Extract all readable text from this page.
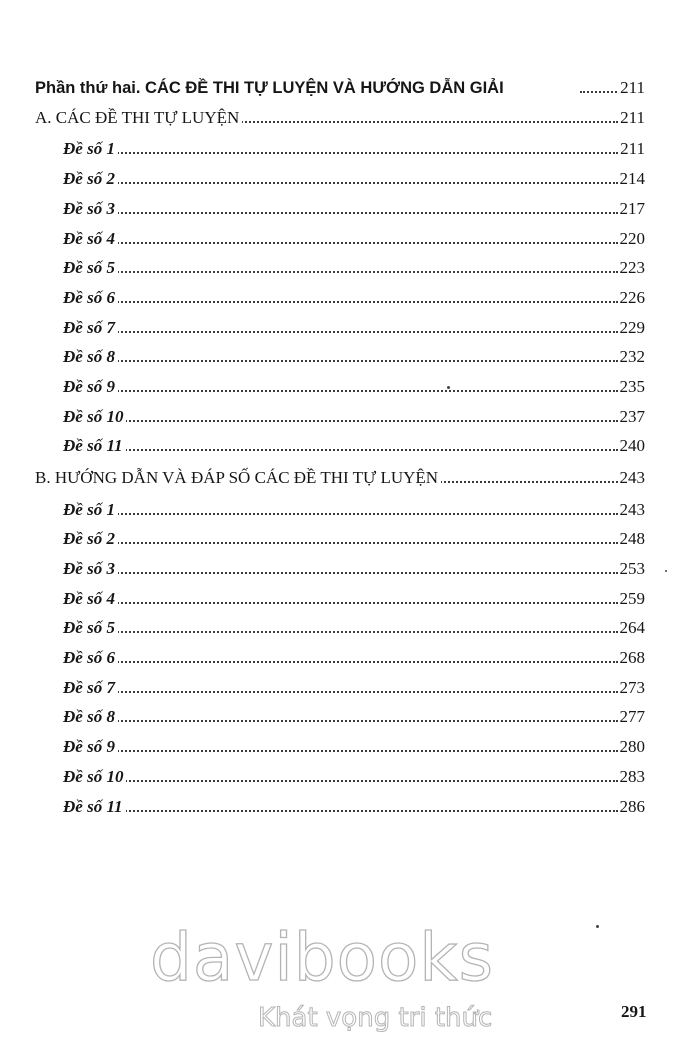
Phần thứ hai. CÁC ĐỀ THI TỰ LUYỆN VÀ HƯỚNG DẪN GIẢI	211
A. CÁC ĐỀ THI TỰ LUYỆN	211
Đề số 1	211
Đề số 2	214
Đề số 3	217
Đề số 4	220
Đề số 5	223
Đề số 6	226
Đề số 7	229
Đề số 8	232
Đề số 9	235
Đề số 10	237
Đề số 11	240
B. HƯỚNG DẪN VÀ ĐÁP SỐ CÁC ĐỀ THI TỰ LUYỆN	243
Đề số 1	243
Đề số 2	248
Đề số 3	253
Đề số 4	259
Đề số 5	264
Đề số 6	268
Đề số 7	273
Đề số 8	277
Đề số 9	280
Đề số 10	283
Đề số 11	286
davibooks
Khát vọng tri thức	291
